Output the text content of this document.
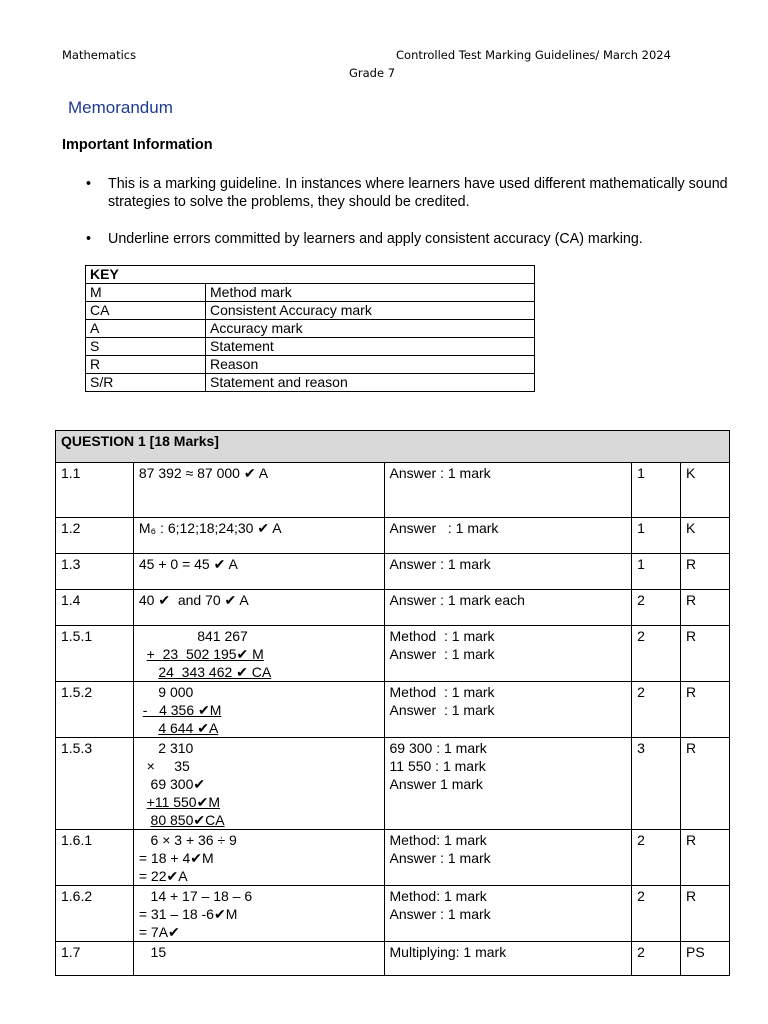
Mathematics	Controlled Test Marking Guidelines/ March 2024
Grade 7
Memorandum
Important Information
• This is a marking guideline. In instances where learners have used different mathematically sound strategies to solve the problems, they should be credited.
• Underline errors committed by learners and apply consistent accuracy (CA) marking.
KEY	
M	Method mark
CA	Consistent Accuracy mark
A	Accuracy mark
S	Statement
R	Reason
S/R	Statement and reason
QUESTION 1 [18 Marks]				
1.1	87 392 ≈ 87 000 ✔ A	Answer : 1 mark	1	K
1.2	M₆ : 6;12;18;24;30 ✔ A	Answer   : 1 mark	1	K
1.3	45 + 0 = 45 ✔ A	Answer : 1 mark	1	R
1.4	40 ✔  and 70 ✔ A	Answer : 1 mark each	2	R
1.5.1	841 267
+  23  502 195✔ M
24  343 462 ✔ CA	Method  : 1 mark
Answer  : 1 mark	2	R
1.5.2	9 000
-   4 356 ✔M
4 644 ✔A	Method  : 1 mark
Answer  : 1 mark	2	R
1.5.3	2 310
×     35
69 300✔
+11 550✔M
80 850✔CA	69 300 : 1 mark
11 550 : 1 mark
Answer 1 mark	3	R
1.6.1	6 × 3 + 36 ÷ 9
= 18 + 4✔M
= 22✔A	Method: 1 mark
Answer : 1 mark	2	R
1.6.2	14 + 17 – 18 – 6
= 31 – 18 -6✔M
= 7A✔	Method: 1 mark
Answer : 1 mark	2	R
1.7	15	Multiplying: 1 mark	2	PS
